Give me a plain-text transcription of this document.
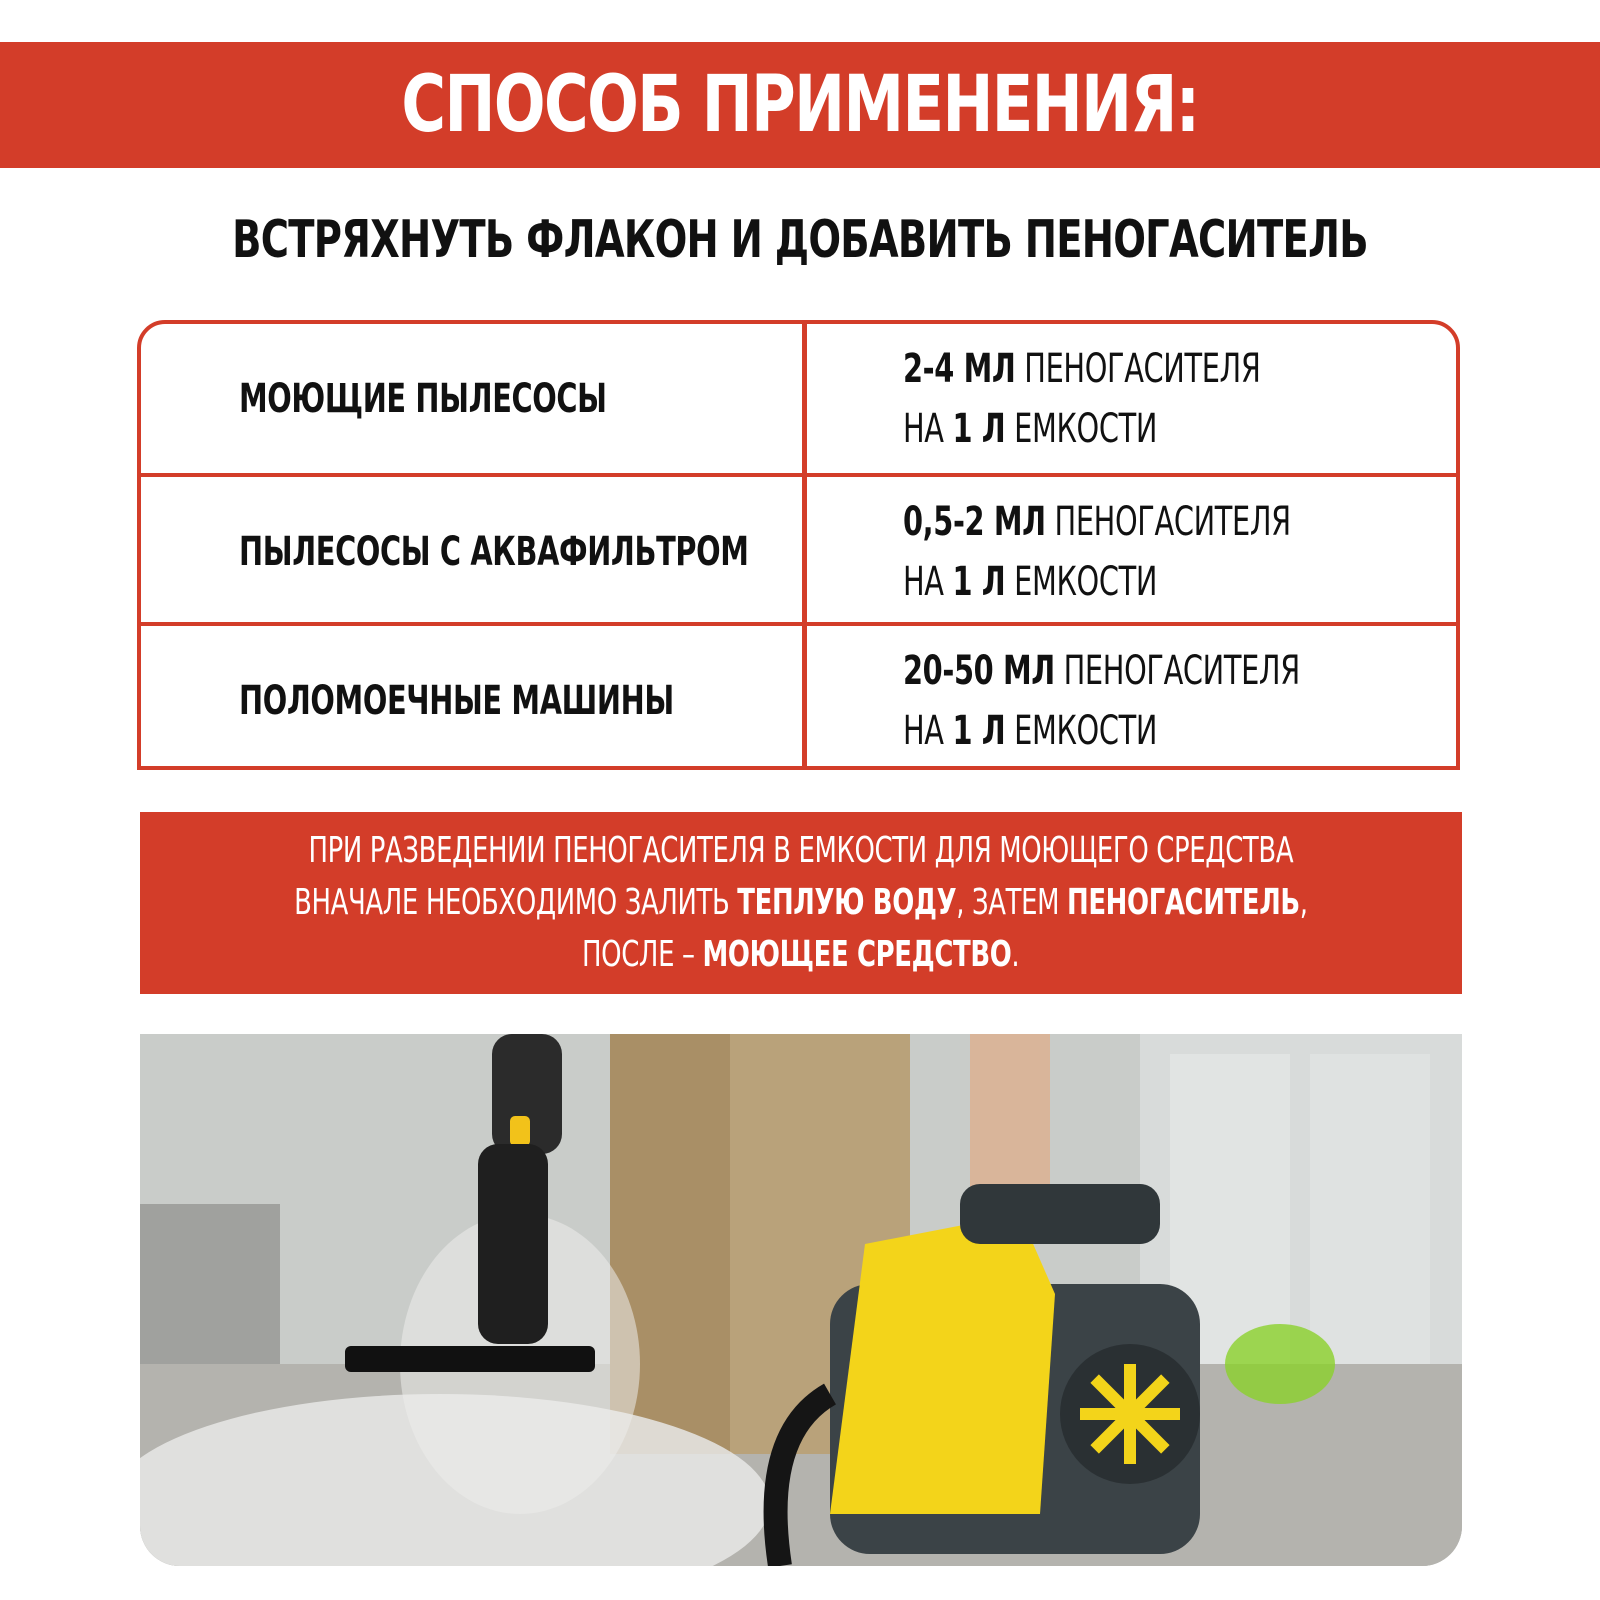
СПОСОБ ПРИМЕНЕНИЯ:
ВСТРЯХНУТЬ ФЛАКОН И ДОБАВИТЬ ПЕНОГАСИТЕЛЬ
МОЮЩИЕ ПЫЛЕСОСЫ
2-4 МЛ ПЕНОГАСИТЕЛЯ
НА 1 Л ЕМКОСТИ
ПЫЛЕСОСЫ С АКВАФИЛЬТРОМ
0,5-2 МЛ ПЕНОГАСИТЕЛЯ
НА 1 Л ЕМКОСТИ
ПОЛОМОЕЧНЫЕ МАШИНЫ
20-50 МЛ ПЕНОГАСИТЕЛЯ
НА 1 Л ЕМКОСТИ
ПРИ РАЗВЕДЕНИИ ПЕНОГАСИТЕЛЯ В ЕМКОСТИ ДЛЯ МОЮЩЕГО СРЕДСТВА
ВНАЧАЛЕ НЕОБХОДИМО ЗАЛИТЬ ТЕПЛУЮ ВОДУ, ЗАТЕМ ПЕНОГАСИТЕЛЬ,
ПОСЛЕ – МОЮЩЕЕ СРЕДСТВО.
